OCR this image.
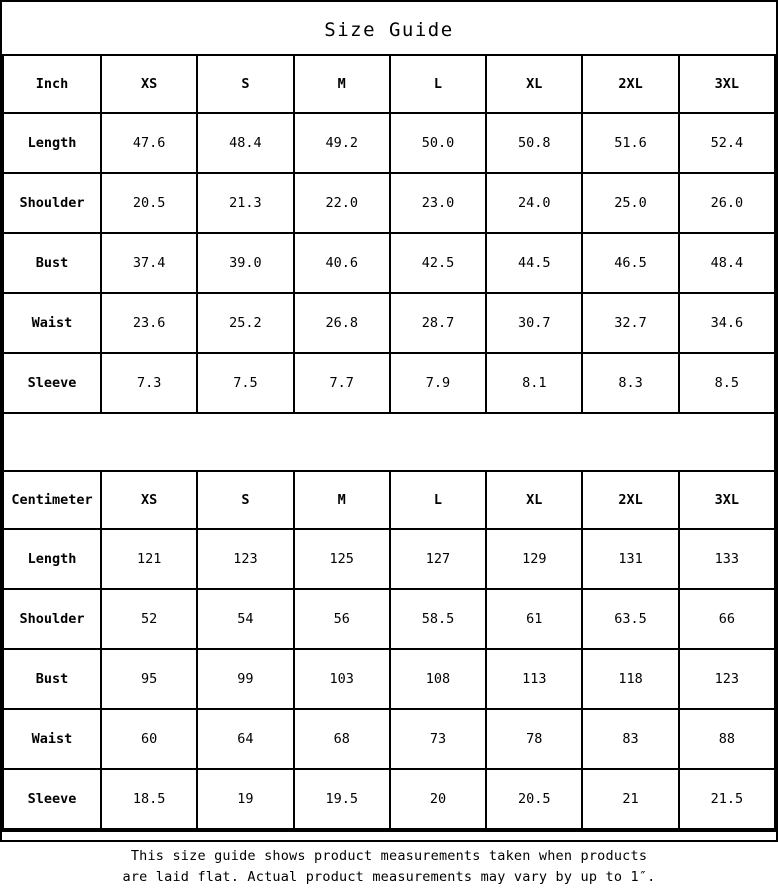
Size Guide
Inch	XS	S	M	L	XL	2XL	3XL
Length	47.6	48.4	49.2	50.0	50.8	51.6	52.4
Shoulder	20.5	21.3	22.0	23.0	24.0	25.0	26.0
Bust	37.4	39.0	40.6	42.5	44.5	46.5	48.4
Waist	23.6	25.2	26.8	28.7	30.7	32.7	34.6
Sleeve	7.3	7.5	7.7	7.9	8.1	8.3	8.5
Centimeter	XS	S	M	L	XL	2XL	3XL
Length	121	123	125	127	129	131	133
Shoulder	52	54	56	58.5	61	63.5	66
Bust	95	99	103	108	113	118	123
Waist	60	64	68	73	78	83	88
Sleeve	18.5	19	19.5	20	20.5	21	21.5
This size guide shows product measurements taken when products
are laid flat. Actual product measurements may vary by up to 1″.
